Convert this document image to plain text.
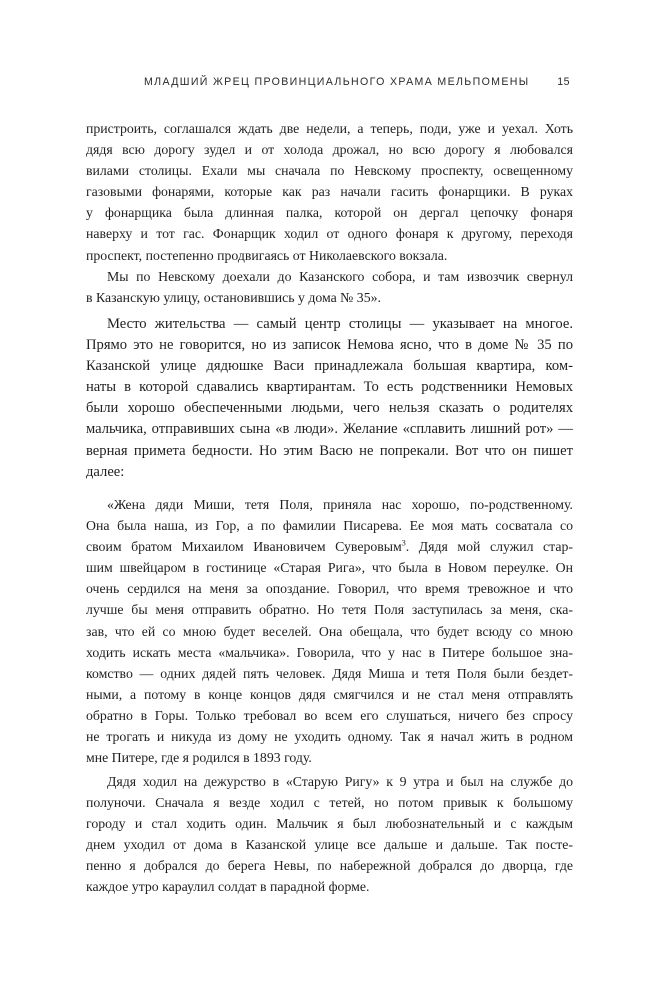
МЛАДШИЙ ЖРЕЦ ПРОВИНЦИАЛЬНОГО ХРАМА МЕЛЬПОМЕНЫ	15

пристроить, соглашался ждать две недели, а теперь, поди, уже и уехал. Хоть
дядя всю дорогу зудел и от холода дрожал, но всю дорогу я любовался
вилами столицы. Ехали мы сначала по Невскому проспекту, освещенному
газовыми фонарями, которые как раз начали гасить фонарщики. В руках
у фонарщика была длинная палка, которой он дергал цепочку фонаря
наверху и тот гас. Фонарщик ходил от одного фонаря к другому, переходя
проспект, постепенно продвигаясь от Николаевского вокзала.

Мы по Невскому доехали до Казанского собора, и там извозчик свернул
в Казанскую улицу, остановившись у дома № 35».

Место жительства — самый центр столицы — указывает на многое.
Прямо это не говорится, но из записок Немова ясно, что в доме № 35 по
Казанской улице дядюшке Васи принадлежала большая квартира, ком-
наты в которой сдавались квартирантам. То есть родственники Немовых
были хорошо обеспеченными людьми, чего нельзя сказать о родителях
мальчика, отправивших сына «в люди». Желание «сплавить лишний рот» —
верная примета бедности. Но этим Васю не попрекали. Вот что он пишет
далее:

«Жена дяди Миши, тетя Поля, приняла нас хорошо, по-родственному.
Она была наша, из Гор, а по фамилии Писарева. Ее моя мать сосватала со
своим братом Михаилом Ивановичем Суверовым$^3$. Дядя мой служил стар-
шим швейцаром в гостинице «Старая Рига», что была в Новом переулке. Он
очень сердился на меня за опоздание. Говорил, что время тревожное и что
лучше бы меня отправить обратно. Но тетя Поля заступилась за меня, ска-
зав, что ей со мною будет веселей. Она обещала, что будет всюду со мною
ходить искать места «мальчика». Говорила, что у нас в Питере большое зна-
комство — одних дядей пять человек. Дядя Миша и тетя Поля были бездет-
ными, а потому в конце концов дядя смягчился и не стал меня отправлять
обратно в Горы. Только требовал во всем его слушаться, ничего без спросу
не трогать и никуда из дому не уходить одному. Так я начал жить в родном
мне Питере, где я родился в 1893 году.

Дядя ходил на дежурство в «Старую Ригу» к 9 утра и был на службе до
полуночи. Сначала я везде ходил с тетей, но потом привык к большому
городу и стал ходить один. Мальчик я был любознательный и с каждым
днем уходил от дома в Казанской улице все дальше и дальше. Так посте-
пенно я добрался до берега Невы, по набережной добрался до дворца, где
каждое утро караулил солдат в парадной форме.
